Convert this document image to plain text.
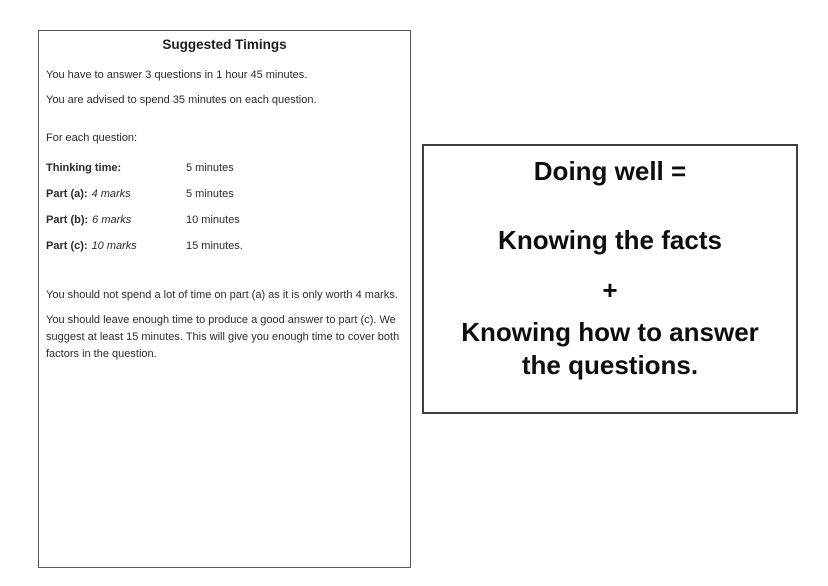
Suggested Timings

You have to answer 3 questions in 1 hour 45 minutes.

You are advised to spend 35 minutes on each question.

For each question:

Thinking time:	5 minutes
Part (a): 4 marks	5 minutes
Part (b): 6 marks	10 minutes
Part (c): 10 marks	15 minutes.

You should not spend a lot of time on part (a) as it is only worth 4 marks.

You should leave enough time to produce a good answer to part (c). We suggest at least 15 minutes. This will give you enough time to cover both factors in the question.

Doing well =
Knowing the facts
+
Knowing how to answer the questions.
